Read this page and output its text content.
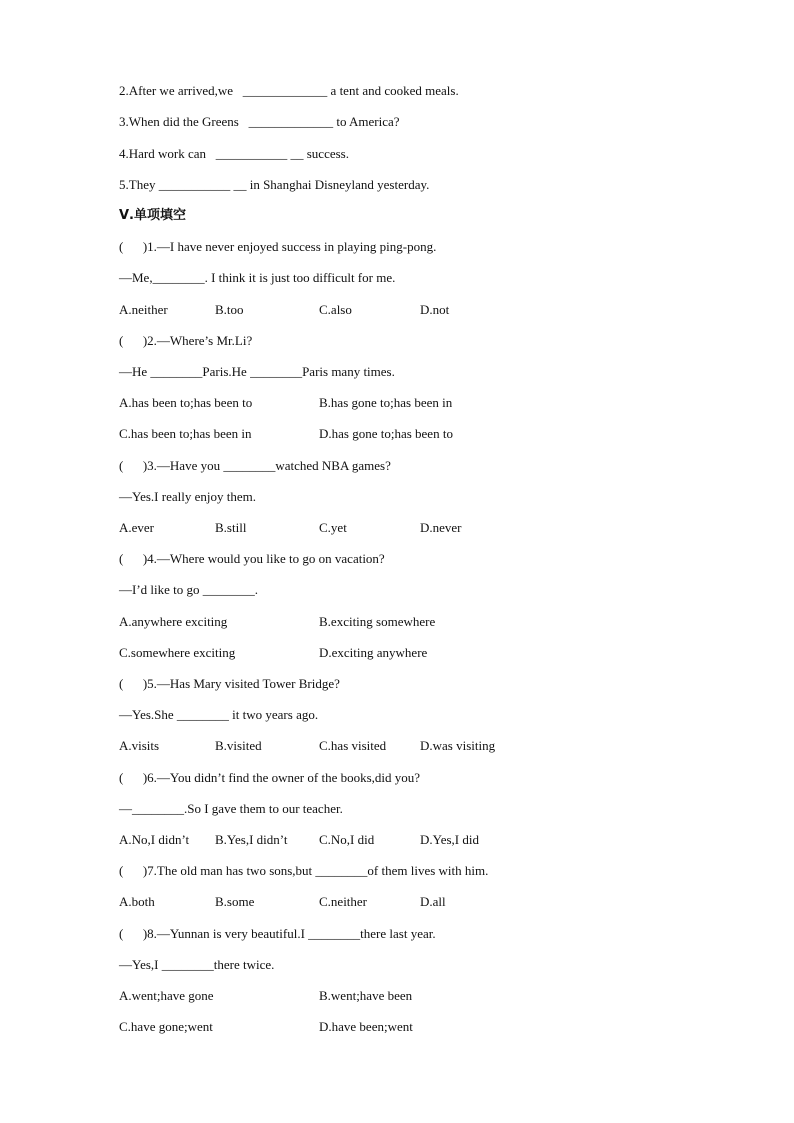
2.After we arrived,we   _____________ a tent and cooked meals.
3.When did the Greens   _____________ to America?
4.Hard work can   ___________ __ success.
5.They ___________ __ in Shanghai Disneyland yesterday.
Ⅴ.单项填空
(      )1.—I have never enjoyed success in playing ping-pong.
—Me,________. I think it is just too difficult for me.
A.neither	B.too	C.also	D.not
(      )2.—Where’s Mr.Li?
—He ________Paris.He ________Paris many times.
A.has been to;has been to	B.has gone to;has been in
C.has been to;has been in	D.has gone to;has been to
(      )3.—Have you ________watched NBA games?
—Yes.I really enjoy them.
A.ever	B.still	C.yet	D.never
(      )4.—Where would you like to go on vacation?
—I’d like to go ________.
A.anywhere exciting	B.exciting somewhere
C.somewhere exciting	D.exciting anywhere
(      )5.—Has Mary visited Tower Bridge?
—Yes.She ________ it two years ago.
A.visits	B.visited	C.has visited	D.was visiting
(      )6.—You didn’t find the owner of the books,did you?
—________.So I gave them to our teacher.
A.No,I didn’t B.Yes,I didn’t C.No,I did	D.Yes,I did
(      )7.The old man has two sons,but ________of them lives with him.
A.both	B.some	C.neither	D.all
(      )8.—Yunnan is very beautiful.I ________there last year.
—Yes,I ________there twice.
A.went;have gone	B.went;have been
C.have gone;went	D.have been;went
